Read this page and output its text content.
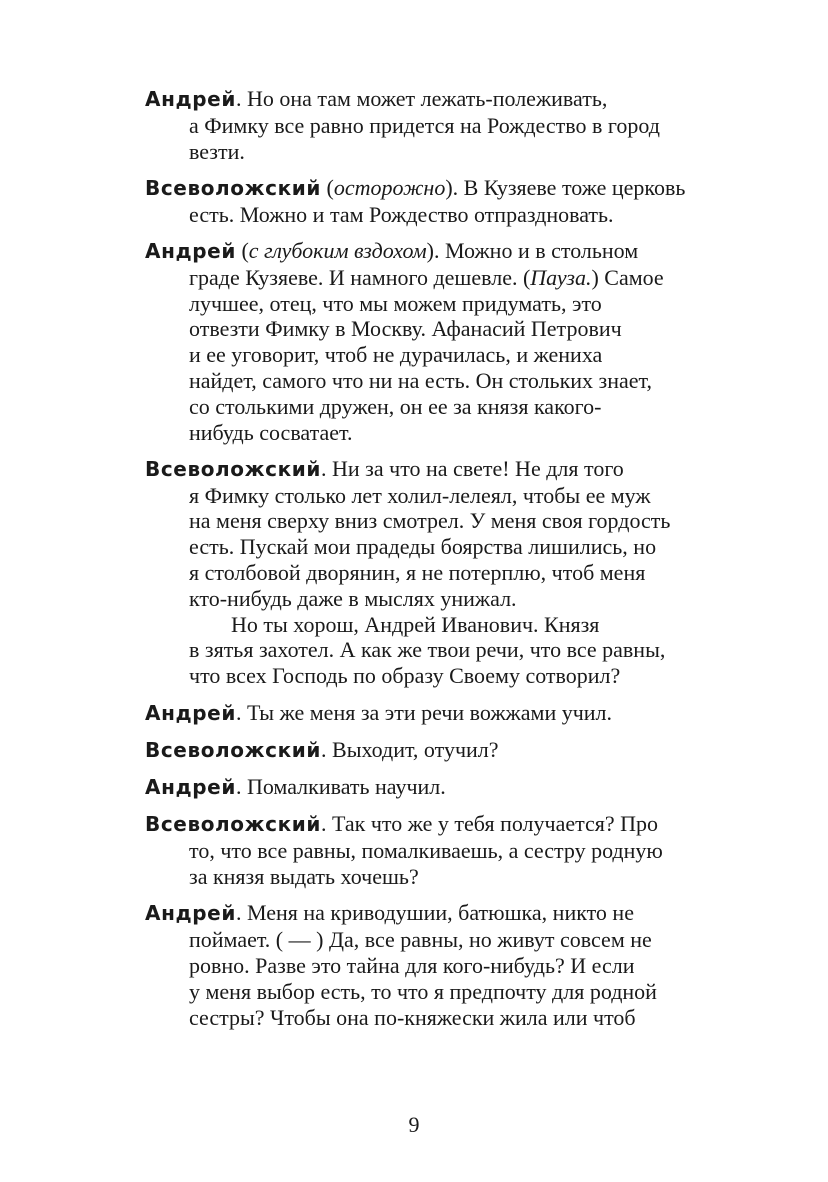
Андрей. Но она там может лежать-полеживать,
а Фимку все равно придется на Рождество в город
везти.
Всеволожский (осторожно). В Кузяеве тоже церковь
есть. Можно и там Рождество отпраздновать.
Андрей (с глубоким вздохом). Можно и в стольном
граде Кузяеве. И намного дешевле. (Пауза.) Самое
лучшее, отец, что мы можем придумать, это
отвезти Фимку в Москву. Афанасий Петрович
и ее уговорит, чтоб не дурачилась, и жениха
найдет, самого что ни на есть. Он стольких знает,
со столькими дружен, он ее за князя какого-
нибудь сосватает.
Всеволожский. Ни за что на свете! Не для того
я Фимку столько лет холил-лелеял, чтобы ее муж
на меня сверху вниз смотрел. У меня своя гордость
есть. Пускай мои прадеды боярства лишились, но
я столбовой дворянин, я не потерплю, чтоб меня
кто-нибудь даже в мыслях унижал.
Но ты хорош, Андрей Иванович. Князя
в зятья захотел. А как же твои речи, что все равны,
что всех Господь по образу Своему сотворил?
Андрей. Ты же меня за эти речи вожжами учил.
Всеволожский. Выходит, отучил?
Андрей. Помалкивать научил.
Всеволожский. Так что же у тебя получается? Про
то, что все равны, помалкиваешь, а сестру родную
за князя выдать хочешь?
Андрей. Меня на криводушии, батюшка, никто не
поймает. ( — ) Да, все равны, но живут совсем не
ровно. Разве это тайна для кого-нибудь? И если
у меня выбор есть, то что я предпочту для родной
сестры? Чтобы она по-княжески жила или чтоб
9
